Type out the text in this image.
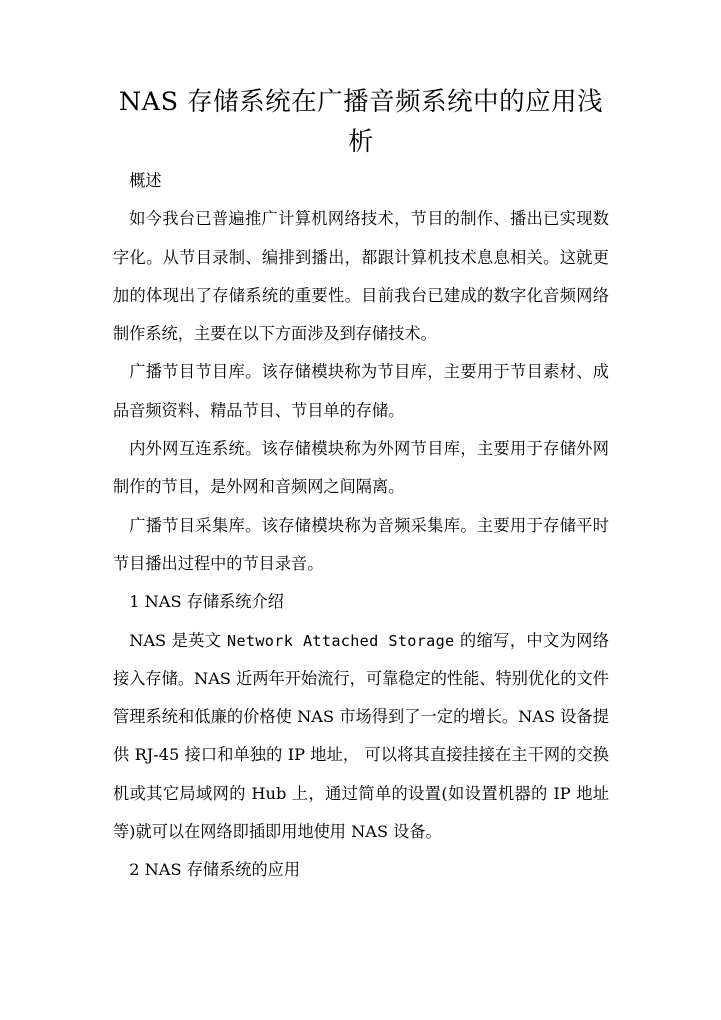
NAS 存储系统在广播音频系统中的应用浅析

概述

如今我台已普遍推广计算机网络技术，节目的制作、播出已实现数字化。从节目录制、编排到播出，都跟计算机技术息息相关。这就更加的体现出了存储系统的重要性。目前我台已建成的数字化音频网络制作系统，主要在以下方面涉及到存储技术。

广播节目节目库。该存储模块称为节目库，主要用于节目素材、成品音频资料、精品节目、节目单的存储。

内外网互连系统。该存储模块称为外网节目库，主要用于存储外网制作的节目，是外网和音频网之间隔离。

广播节目采集库。该存储模块称为音频采集库。主要用于存储平时节目播出过程中的节目录音。

1 NAS 存储系统介绍

NAS 是英文 Network Attached Storage 的缩写，中文为网络接入存储。NAS 近两年开始流行，可靠稳定的性能、特别优化的文件管理系统和低廉的价格使 NAS 市场得到了一定的增长。NAS 设备提供 RJ-45 接口和单独的 IP 地址， 可以将其直接挂接在主干网的交换机或其它局域网的 Hub 上，通过简单的设置(如设置机器的 IP 地址等)就可以在网络即插即用地使用 NAS 设备。

2 NAS 存储系统的应用
